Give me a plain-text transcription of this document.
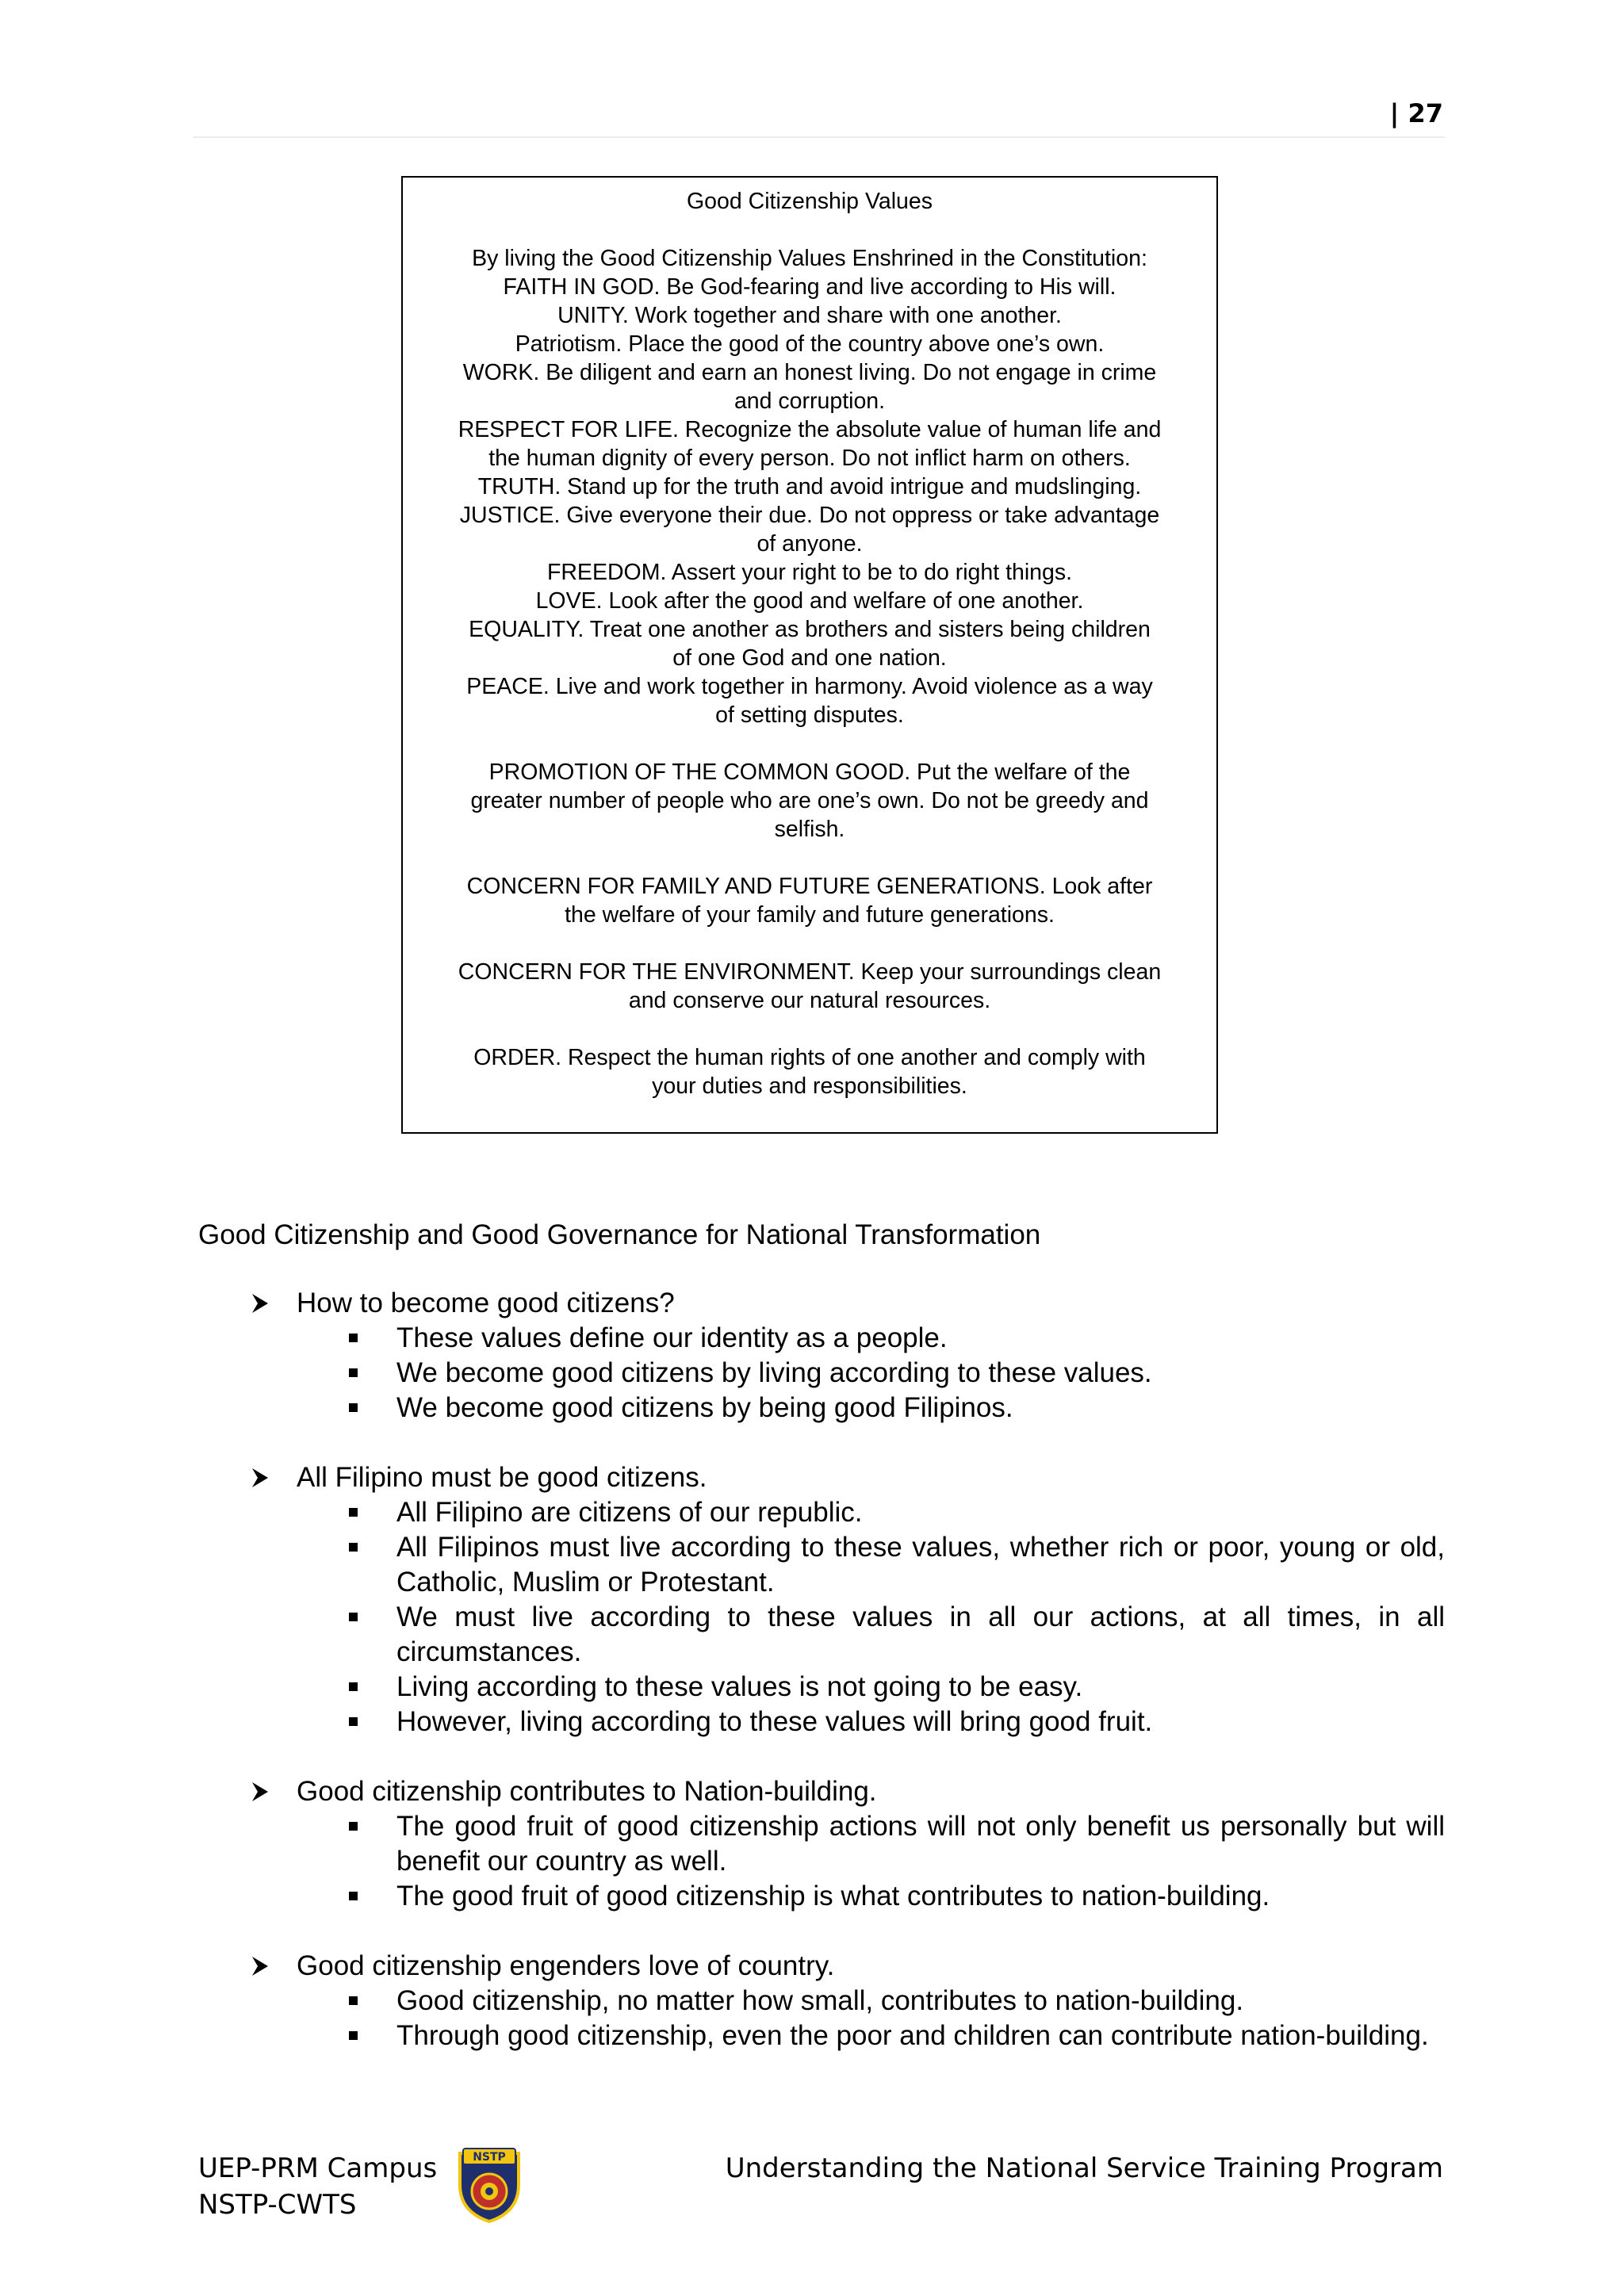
| 27
Good Citizenship Values
By living the Good Citizenship Values Enshrined in the Constitution:
FAITH IN GOD. Be God-fearing and live according to His will.
UNITY. Work together and share with one another.
Patriotism. Place the good of the country above one’s own.
WORK. Be diligent and earn an honest living. Do not engage in crime
and corruption.
RESPECT FOR LIFE. Recognize the absolute value of human life and
the human dignity of every person. Do not inflict harm on others.
TRUTH. Stand up for the truth and avoid intrigue and mudslinging.
JUSTICE. Give everyone their due. Do not oppress or take advantage
of anyone.
FREEDOM. Assert your right to be to do right things.
LOVE. Look after the good and welfare of one another.
EQUALITY. Treat one another as brothers and sisters being children
of one God and one nation.
PEACE. Live and work together in harmony. Avoid violence as a way
of setting disputes.
PROMOTION OF THE COMMON GOOD. Put the welfare of the
greater number of people who are one’s own. Do not be greedy and
selfish.
CONCERN FOR FAMILY AND FUTURE GENERATIONS. Look after
the welfare of your family and future generations.
CONCERN FOR THE ENVIRONMENT. Keep your surroundings clean
and conserve our natural resources.
ORDER. Respect the human rights of one another and comply with
your duties and responsibilities.
Good Citizenship and Good Governance for National Transformation
How to become good citizens?
These values define our identity as a people.
We become good citizens by living according to these values.
We become good citizens by being good Filipinos.
All Filipino must be good citizens.
All Filipino are citizens of our republic.
All Filipinos must live according to these values, whether rich or poor, young or old, Catholic, Muslim or Protestant.
We must live according to these values in all our actions, at all times, in all circumstances.
Living according to these values is not going to be easy.
However, living according to these values will bring good fruit.
Good citizenship contributes to Nation-building.
The good fruit of good citizenship actions will not only benefit us personally but will benefit our country as well.
The good fruit of good citizenship is what contributes to nation-building.
Good citizenship engenders love of country.
Good citizenship, no matter how small, contributes to nation-building.
Through good citizenship, even the poor and children can contribute nation-building.
UEP-PRM Campus
NSTP-CWTS
NSTP	Understanding the National Service Training Program
